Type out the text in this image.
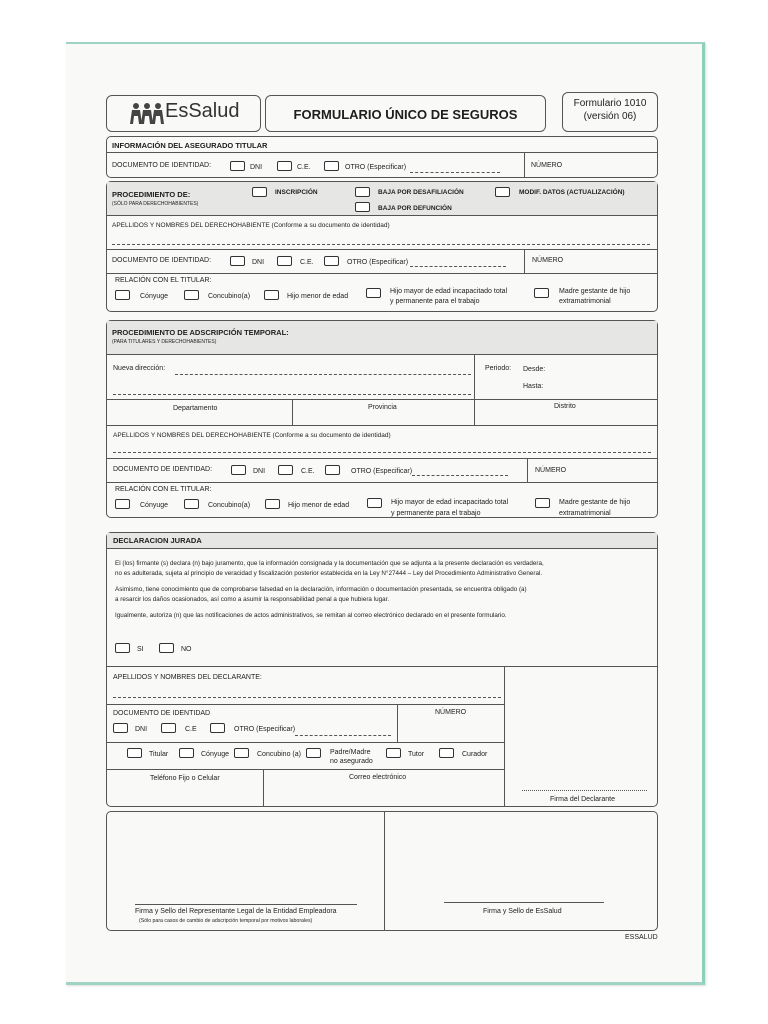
EsSalud	FORMULARIO ÚNICO DE SEGUROS
Formulario 1010
(versión 06)
INFORMACIÓN DEL ASEGURADO TITULAR
DOCUMENTO DE IDENTIDAD:	DNI	C.E.	OTRO (Especificar)	NÚMERO
PROCEDIMIENTO DE:
(SÓLO PARA DERECHOHABIENTES)
INSCRIPCIÓN	BAJA POR DESAFILIACIÓN	MODIF. DATOS (ACTUALIZACIÓN)
BAJA POR DEFUNCIÓN
APELLIDOS Y NOMBRES DEL DERECHOHABIENTE (Conforme a su documento de identidad)
DOCUMENTO DE IDENTIDAD:	DNI	C.E.	OTRO (Especificar)	NÚMERO
RELACIÓN CON EL TITULAR:
Cónyuge	Concubino(a)	Hijo menor de edad
Hijo mayor de edad incapacitado total
y permanente para el trabajo
Madre gestante de hijo
extramatrimonial
PROCEDIMIENTO DE ADSCRIPCIÓN TEMPORAL:
(PARA TITULARES Y DERECHOHABIENTES)
Nueva dirección:	Periodo: Desde:
Hasta:
Departamento	Provincia	Distrito
APELLIDOS Y NOMBRES DEL DERECHOHABIENTE (Conforme a su documento de identidad)
DOCUMENTO DE IDENTIDAD:	DNI	C.E.	OTRO (Especificar)	NÚMERO
RELACIÓN CON EL TITULAR:
Cónyuge	Concubino(a)	Hijo menor de edad	Hijo mayor de edad incapacitado total
y permanente para el trabajo
Madre gestante de hijo
extramatrimonial
DECLARACION JURADA
El (los) firmante (s) declara (n) bajo juramento, que la información consignada y la documentación que se adjunta a la presente declaración es verdadera,
no es adulterada, sujeta al principio de veracidad y fiscalización posterior establecida en la Ley N°27444 – Ley del Procedimiento Administrativo General.
Asimismo, tiene conocimiento que de comprobarse falsedad en la declaración, información o documentación presentada, se encuentra obligado (a)
a resarcir los daños ocasionados, así como a asumir la responsabilidad penal a que hubiera lugar.
Igualmente, autoriza (n) que las notificaciones de actos administrativos, se remitan al correo electrónico declarado en el presente formulario.
SI	NO
APELLIDOS Y NOMBRES DEL DECLARANTE:
DOCUMENTO DE IDENTIDAD	NÚMERO
DNI	C.E	OTRO (Especificar)
Titular	Cónyuge	Concubino (a)	Padre/Madre
no asegurado
Tutor	Curador
Teléfono Fijo o Celular	Correo electrónico
Firma del Declarante
Firma y Sello del Representante Legal de la Entidad Empleadora
(Sólo para casos de cambio de adscripción temporal por motivos laborales)
Firma y Sello de EsSalud
ESSALUD
